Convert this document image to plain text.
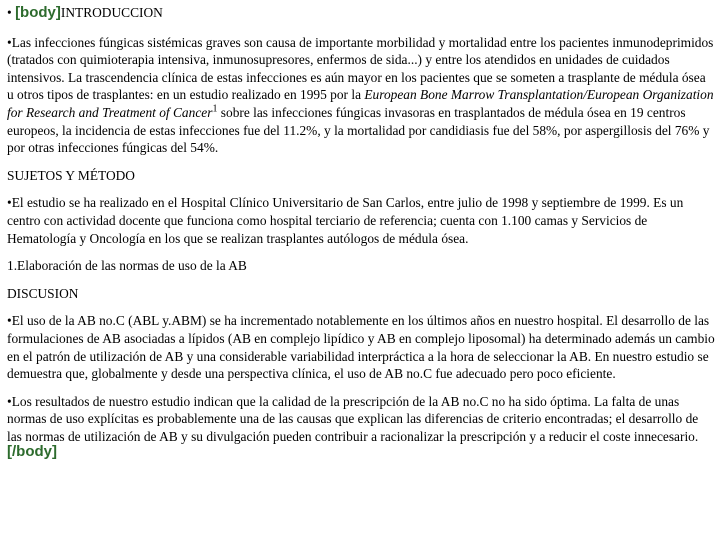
• [body]INTRODUCCION

•Las infecciones fúngicas sistémicas graves son causa de importante morbilidad y mortalidad entre los pacientes inmunodeprimidos (tratados con quimioterapia intensiva, inmunosupresores, enfermos de sida...) y entre los atendidos en unidades de cuidados intensivos. La trascendencia clínica de estas infecciones es aún mayor en los pacientes que se someten a trasplante de médula ósea u otros tipos de trasplantes: en un estudio realizado en 1995 por la European Bone Marrow Transplantation/European Organization for Research and Treatment of Cancer$^1$ sobre las infecciones fúngicas invasoras en trasplantados de médula ósea en 19 centros europeos, la incidencia de estas infecciones fue del 11.2%, y la mortalidad por candidiasis fue del 58%, por aspergillosis del 76% y por otras infecciones fúngicas del 54%.

SUJETOS Y MÉTODO

•El estudio se ha realizado en el Hospital Clínico Universitario de San Carlos, entre julio de 1998 y septiembre de 1999. Es un centro con actividad docente que funciona como hospital terciario de referencia; cuenta con 1.100 camas y Servicios de Hematología y Oncología en los que se realizan trasplantes autólogos de médula ósea.

1.Elaboración de las normas de uso de la AB
DISCUSION

•El uso de la AB no.C (ABL y.ABM) se ha incrementado notablemente en los últimos años en nuestro hospital. El desarrollo de las formulaciones de AB asociadas a lípidos (AB en complejo lipídico y AB en complejo liposomal) ha determinado además un cambio en el patrón de utilización de AB y una considerable variabilidad interpráctica a la hora de seleccionar la AB. En nuestro estudio se demuestra que, globalmente y desde una perspectiva clínica, el uso de AB no.C fue adecuado pero poco eficiente.

•Los resultados de nuestro estudio indican que la calidad de la prescripción de la AB no.C no ha sido óptima. La falta de unas normas de uso explícitas es probablemente una de las causas que explican las diferencias de criterio encontradas; el desarrollo de las normas de utilización de AB y su divulgación pueden contribuir a racionalizar la prescripción y a reducir el coste innecesario.

[/body]
